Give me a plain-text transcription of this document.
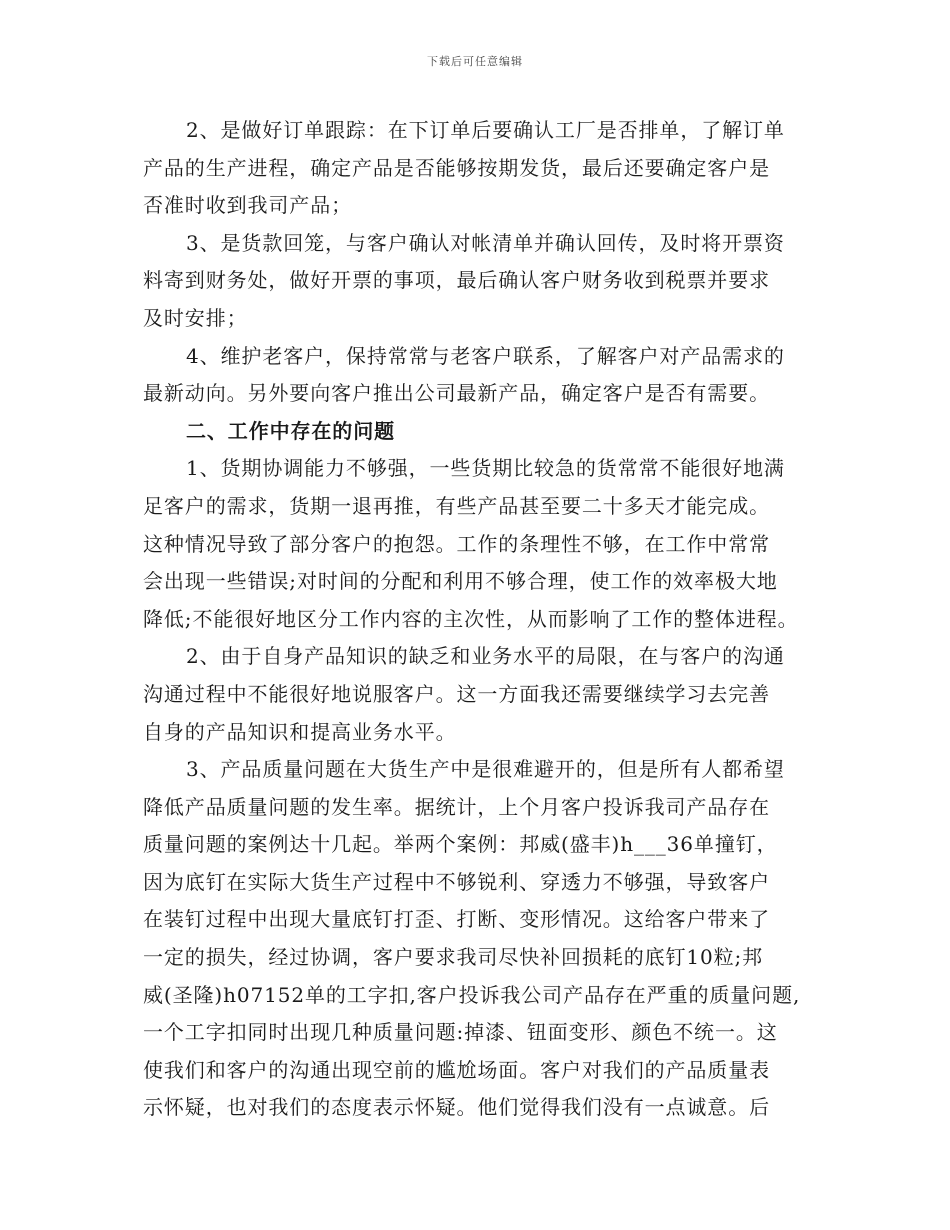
下载后可任意编辑
2、是做好订单跟踪：在下订单后要确认工厂是否排单，了解订单
产品的生产进程，确定产品是否能够按期发货，最后还要确定客户是
否准时收到我司产品；
3、是货款回笼，与客户确认对帐清单并确认回传，及时将开票资
料寄到财务处，做好开票的事项，最后确认客户财务收到税票并要求
及时安排；
4、维护老客户，保持常常与老客户联系，了解客户对产品需求的
最新动向。另外要向客户推出公司最新产品，确定客户是否有需要。
二、工作中存在的问题
1、货期协调能力不够强，一些货期比较急的货常常不能很好地满
足客户的需求，货期一退再推，有些产品甚至要二十多天才能完成。
这种情况导致了部分客户的抱怨。工作的条理性不够，在工作中常常
会出现一些错误;对时间的分配和利用不够合理，使工作的效率极大地
降低;不能很好地区分工作内容的主次性，从而影响了工作的整体进程。
2、由于自身产品知识的缺乏和业务水平的局限，在与客户的沟通
沟通过程中不能很好地说服客户。这一方面我还需要继续学习去完善
自身的产品知识和提高业务水平。
3、产品质量问题在大货生产中是很难避开的，但是所有人都希望
降低产品质量问题的发生率。据统计，上个月客户投诉我司产品存在
质量问题的案例达十几起。举两个案例：邦威(盛丰)h___36单撞钉，
因为底钉在实际大货生产过程中不够锐利、穿透力不够强，导致客户
在装钉过程中出现大量底钉打歪、打断、变形情况。这给客户带来了
一定的损失，经过协调，客户要求我司尽快补回损耗的底钉10粒;邦
威(圣隆)h07152单的工字扣,客户投诉我公司产品存在严重的质量问题,
一个工字扣同时出现几种质量问题:掉漆、钮面变形、颜色不统一。这
使我们和客户的沟通出现空前的尴尬场面。客户对我们的产品质量表
示怀疑，也对我们的态度表示怀疑。他们觉得我们没有一点诚意。后
